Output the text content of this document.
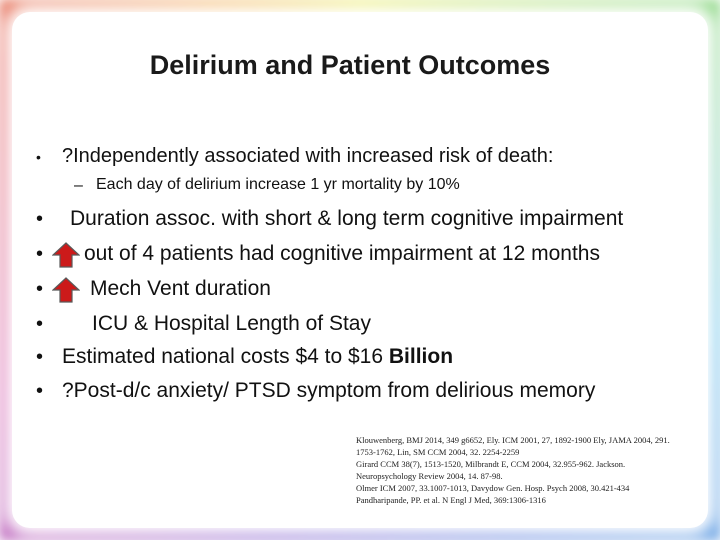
Delirium and Patient Outcomes
• ?Independently associated with increased risk of death:
– Each day of delirium increase 1 yr mortality by 10%
• Duration assoc. with short & long term cognitive impairment
• out of 4 patients had cognitive impairment at 12 months
• Mech Vent duration
• ICU & Hospital Length of Stay
• Estimated national costs $4 to $16 Billion
• ?Post-d/c anxiety/ PTSD symptom from delirious memory
Klouwenberg, BMJ 2014, 349 g6652, Ely. ICM 2001, 27, 1892-1900 Ely, JAMA 2004, 291.
1753-1762, Lin, SM CCM 2004, 32. 2254-2259
Girard CCM 38(7), 1513-1520, Milbrandt E, CCM 2004, 32.955-962. Jackson.
Neuropsychology Review 2004, 14. 87-98.
Olmer ICM 2007, 33.1007-1013, Davydow Gen. Hosp. Psych 2008, 30.421-434
Pandharipande, PP. et al. N Engl J Med, 369:1306-1316
